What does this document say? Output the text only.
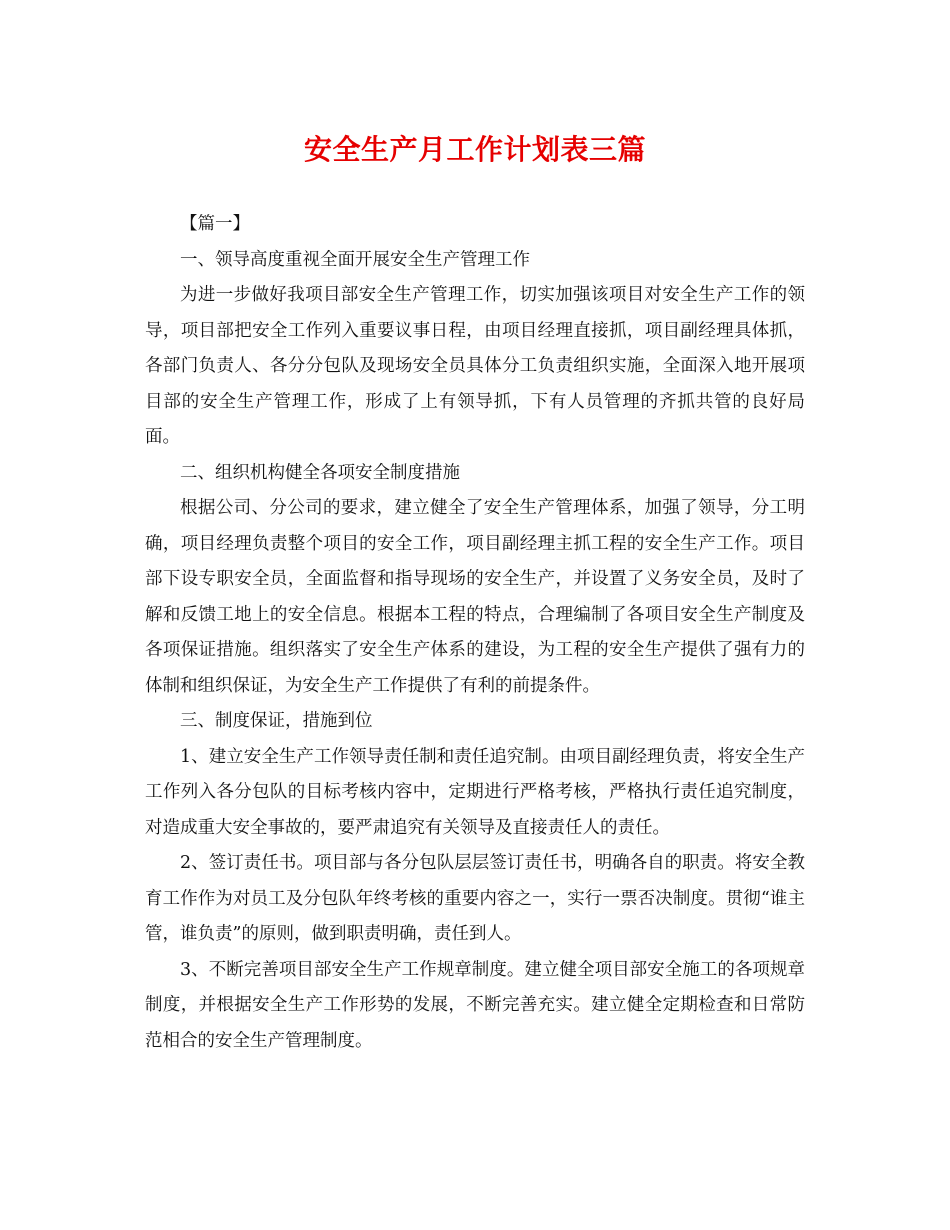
安全生产月工作计划表三篇

【篇一】

一、领导高度重视全面开展安全生产管理工作

为进一步做好我项目部安全生产管理工作，切实加强该项目对安全生产工作的领导，项目部把安全工作列入重要议事日程，由项目经理直接抓，项目副经理具体抓，各部门负责人、各分分包队及现场安全员具体分工负责组织实施，全面深入地开展项目部的安全生产管理工作，形成了上有领导抓，下有人员管理的齐抓共管的良好局面。

二、组织机构健全各项安全制度措施

根据公司、分公司的要求，建立健全了安全生产管理体系，加强了领导，分工明确，项目经理负责整个项目的安全工作，项目副经理主抓工程的安全生产工作。项目部下设专职安全员，全面监督和指导现场的安全生产，并设置了义务安全员，及时了解和反馈工地上的安全信息。根据本工程的特点，合理编制了各项目安全生产制度及各项保证措施。组织落实了安全生产体系的建设，为工程的安全生产提供了强有力的体制和组织保证，为安全生产工作提供了有利的前提条件。

三、制度保证，措施到位

1、建立安全生产工作领导责任制和责任追究制。由项目副经理负责，将安全生产工作列入各分包队的目标考核内容中，定期进行严格考核，严格执行责任追究制度，对造成重大安全事故的，要严肃追究有关领导及直接责任人的责任。

2、签订责任书。项目部与各分包队层层签订责任书，明确各自的职责。将安全教育工作作为对员工及分包队年终考核的重要内容之一，实行一票否决制度。贯彻“谁主管，谁负责”的原则，做到职责明确，责任到人。

3、不断完善项目部安全生产工作规章制度。建立健全项目部安全施工的各项规章制度，并根据安全生产工作形势的发展，不断完善充实。建立健全定期检查和日常防范相合的安全生产管理制度。
